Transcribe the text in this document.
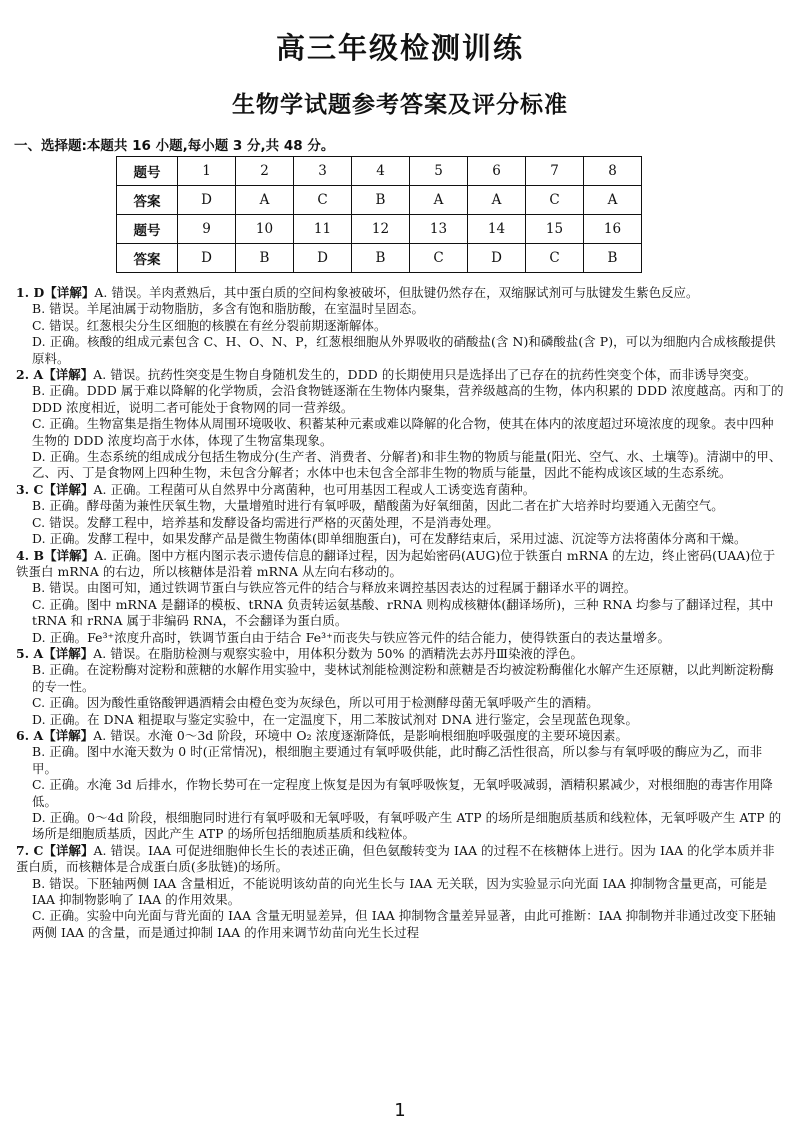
高三年级检测训练
生物学试题参考答案及评分标准
一、选择题:本题共 16 小题,每小题 3 分,共 48 分。
题号	1	2	3	4	5	6	7	8
答案	D	A	C	B	A	A	C	A
题号	9	10	11	12	13	14	15	16
答案	D	B	D	B	C	D	C	B

1. D【详解】A. 错误。羊肉煮熟后，其中蛋白质的空间构象被破坏，但肽键仍然存在，双缩脲试剂可与肽键发生紫色反应。

B. 错误。羊尾油属于动物脂肪，多含有饱和脂肪酸，在室温时呈固态。

C. 错误。红葱根尖分生区细胞的核膜在有丝分裂前期逐渐解体。

D. 正确。核酸的组成元素包含 C、H、O、N、P，红葱根细胞从外界吸收的硝酸盐(含 N)和磷酸盐(含 P)，可以为细胞内合成核酸提供原料。

2. A【详解】A. 错误。抗药性突变是生物自身随机发生的，DDD 的长期使用只是选择出了已存在的抗药性突变个体，而非诱导突变。

B. 正确。DDD 属于难以降解的化学物质，会沿食物链逐渐在生物体内聚集，营养级越高的生物，体内积累的 DDD 浓度越高。丙和丁的 DDD 浓度相近，说明二者可能处于食物网的同一营养级。

C. 正确。生物富集是指生物体从周围环境吸收、积蓄某种元素或难以降解的化合物，使其在体内的浓度超过环境浓度的现象。表中四种生物的 DDD 浓度均高于水体，体现了生物富集现象。

D. 正确。生态系统的组成成分包括生物成分(生产者、消费者、分解者)和非生物的物质与能量(阳光、空气、水、土壤等)。清湖中的甲、乙、丙、丁是食物网上四种生物，未包含分解者；水体中也未包含全部非生物的物质与能量，因此不能构成该区域的生态系统。

3. C【详解】A. 正确。工程菌可从自然界中分离菌种，也可用基因工程或人工诱变选育菌种。

B. 正确。酵母菌为兼性厌氧生物，大量增殖时进行有氧呼吸，醋酸菌为好氧细菌，因此二者在扩大培养时均要通入无菌空气。

C. 错误。发酵工程中，培养基和发酵设备均需进行严格的灭菌处理，不是消毒处理。

D. 正确。发酵工程中，如果发酵产品是微生物菌体(即单细胞蛋白)，可在发酵结束后，采用过滤、沉淀等方法将菌体分离和干燥。

4. B【详解】A. 正确。图中方框内图示表示遗传信息的翻译过程，因为起始密码(AUG)位于铁蛋白 mRNA 的左边，终止密码(UAA)位于铁蛋白 mRNA 的右边，所以核糖体是沿着 mRNA 从左向右移动的。

B. 错误。由图可知，通过铁调节蛋白与铁应答元件的结合与释放来调控基因表达的过程属于翻译水平的调控。

C. 正确。图中 mRNA 是翻译的模板、tRNA 负责转运氨基酸、rRNA 则构成核糖体(翻译场所)，三种 RNA 均参与了翻译过程，其中 tRNA 和 rRNA 属于非编码 RNA，不会翻译为蛋白质。

D. 正确。Fe³⁺浓度升高时，铁调节蛋白由于结合 Fe³⁺而丧失与铁应答元件的结合能力，使得铁蛋白的表达量增多。

5. A【详解】A. 错误。在脂肪检测与观察实验中，用体积分数为 50% 的酒精洗去苏丹Ⅲ染液的浮色。

B. 正确。在淀粉酶对淀粉和蔗糖的水解作用实验中，斐林试剂能检测淀粉和蔗糖是否均被淀粉酶催化水解产生还原糖，以此判断淀粉酶的专一性。

C. 正确。因为酸性重铬酸钾遇酒精会由橙色变为灰绿色，所以可用于检测酵母菌无氧呼吸产生的酒精。

D. 正确。在 DNA 粗提取与鉴定实验中，在一定温度下，用二苯胺试剂对 DNA 进行鉴定，会呈现蓝色现象。

6. A【详解】A. 错误。水淹 0～3d 阶段，环境中 O₂ 浓度逐渐降低，是影响根细胞呼吸强度的主要环境因素。

B. 正确。图中水淹天数为 0 时(正常情况)，根细胞主要通过有氧呼吸供能，此时酶乙活性很高，所以参与有氧呼吸的酶应为乙，而非甲。

C. 正确。水淹 3d 后排水，作物长势可在一定程度上恢复是因为有氧呼吸恢复，无氧呼吸减弱，酒精积累减少，对根细胞的毒害作用降低。

D. 正确。0～4d 阶段，根细胞同时进行有氧呼吸和无氧呼吸，有氧呼吸产生 ATP 的场所是细胞质基质和线粒体，无氧呼吸产生 ATP 的场所是细胞质基质，因此产生 ATP 的场所包括细胞质基质和线粒体。

7. C【详解】A. 错误。IAA 可促进细胞伸长生长的表述正确，但色氨酸转变为 IAA 的过程不在核糖体上进行。因为 IAA 的化学本质并非蛋白质，而核糖体是合成蛋白质(多肽链)的场所。

B. 错误。下胚轴两侧 IAA 含量相近，不能说明该幼苗的向光生长与 IAA 无关联，因为实验显示向光面 IAA 抑制物含量更高，可能是 IAA 抑制物影响了 IAA 的作用效果。

C. 正确。实验中向光面与背光面的 IAA 含量无明显差异，但 IAA 抑制物含量差异显著，由此可推断：IAA 抑制物并非通过改变下胚轴两侧 IAA 的含量，而是通过抑制 IAA 的作用来调节幼苗向光生长过程

1
